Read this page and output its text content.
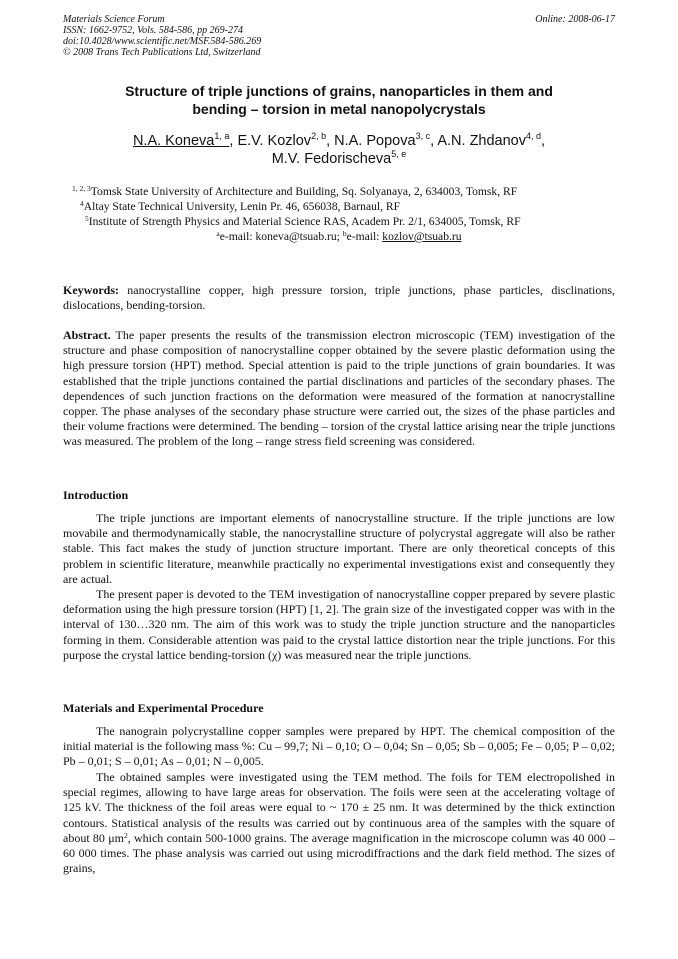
Materials Science Forum
ISSN: 1662-9752, Vols. 584-586, pp 269-274
doi:10.4028/www.scientific.net/MSF.584-586.269
© 2008 Trans Tech Publications Ltd, Switzerland
Online: 2008-06-17
Structure of triple junctions of grains, nanoparticles in them and
bending – torsion in metal nanopolycrystals
N.A. Koneva$^{1, a}$, E.V. Kozlov$^{2, b}$, N.A. Popova$^{3, c}$, A.N. Zhdanov$^{4, d}$,
M.V. Fedorischeva$^{5, e}$
$^{1, 2, 3}$Tomsk State University of Architecture and Building, Sq. Solyanaya, 2, 634003, Tomsk, RF
$^4$Altay State Technical University, Lenin Pr. 46, 656038, Barnaul, RF
$^5$Institute of Strength Physics and Material Science RAS, Academ Pr. 2/1, 634005, Tomsk, RF
$^a$e-mail: koneva@tsuab.ru; $^b$e-mail: kozlov@tsuab.ru

Keywords: nanocrystalline copper, high pressure torsion, triple junctions, phase particles, disclinations, dislocations, bending-torsion.

Abstract. The paper presents the results of the transmission electron microscopic (TEM) investigation of the structure and phase composition of nanocrystalline copper obtained by the severe plastic deformation using the high pressure torsion (HPT) method. Special attention is paid to the triple junctions of grain boundaries. It was established that the triple junctions contained the partial disclinations and particles of the secondary phases. The dependences of such junction fractions on the deformation were measured of the formation at nanocrystalline copper. The phase analyses of the secondary phase structure were carried out, the sizes of the phase particles and their volume fractions were determined. The bending – torsion of the crystal lattice arising near the triple junctions was measured. The problem of the long – range stress field screening was considered.

Introduction

The triple junctions are important elements of nanocrystalline structure. If the triple junctions are low movabile and thermodynamically stable, the nanocrystalline structure of polycrystal aggregate will also be rather stable. This fact makes the study of junction structure important. There are only theoretical concepts of this problem in scientific literature, meanwhile practically no experimental investigations exist and consequently they are actual.

The present paper is devoted to the TEM investigation of nanocrystalline copper prepared by severe plastic deformation using the high pressure torsion (HPT) [1, 2]. The grain size of the investigated copper was with in the interval of 130…320 nm. The aim of this work was to study the triple junction structure and the nanoparticles forming in them. Considerable attention was paid to the crystal lattice distortion near the triple junctions. For this purpose the crystal lattice bending-torsion (χ) was measured near the triple junctions.

Materials and Experimental Procedure

The nanograin polycrystalline copper samples were prepared by HPT. The chemical composition of the initial material is the following mass %: Cu – 99,7; Ni – 0,10; O – 0,04; Sn – 0,05; Sb – 0,005; Fe – 0,05; P – 0,02; Pb – 0,01; S – 0,01; As – 0,01; N – 0,005.

The obtained samples were investigated using the TEM method. The foils for TEM electropolished in special regimes, allowing to have large areas for observation. The foils were seen at the accelerating voltage of 125 kV. The thickness of the foil areas were equal to ~ 170 ± 25 nm. It was determined by the thick extinction contours. Statistical analysis of the results was carried out by continuous area of the samples with the square of about 80 $\mu m^2$, which contain 500-1000 grains. The average magnification in the microscope column was 40 000 – 60 000 times. The phase analysis was carried out using microdiffractions and the dark field method. The sizes of grains,
